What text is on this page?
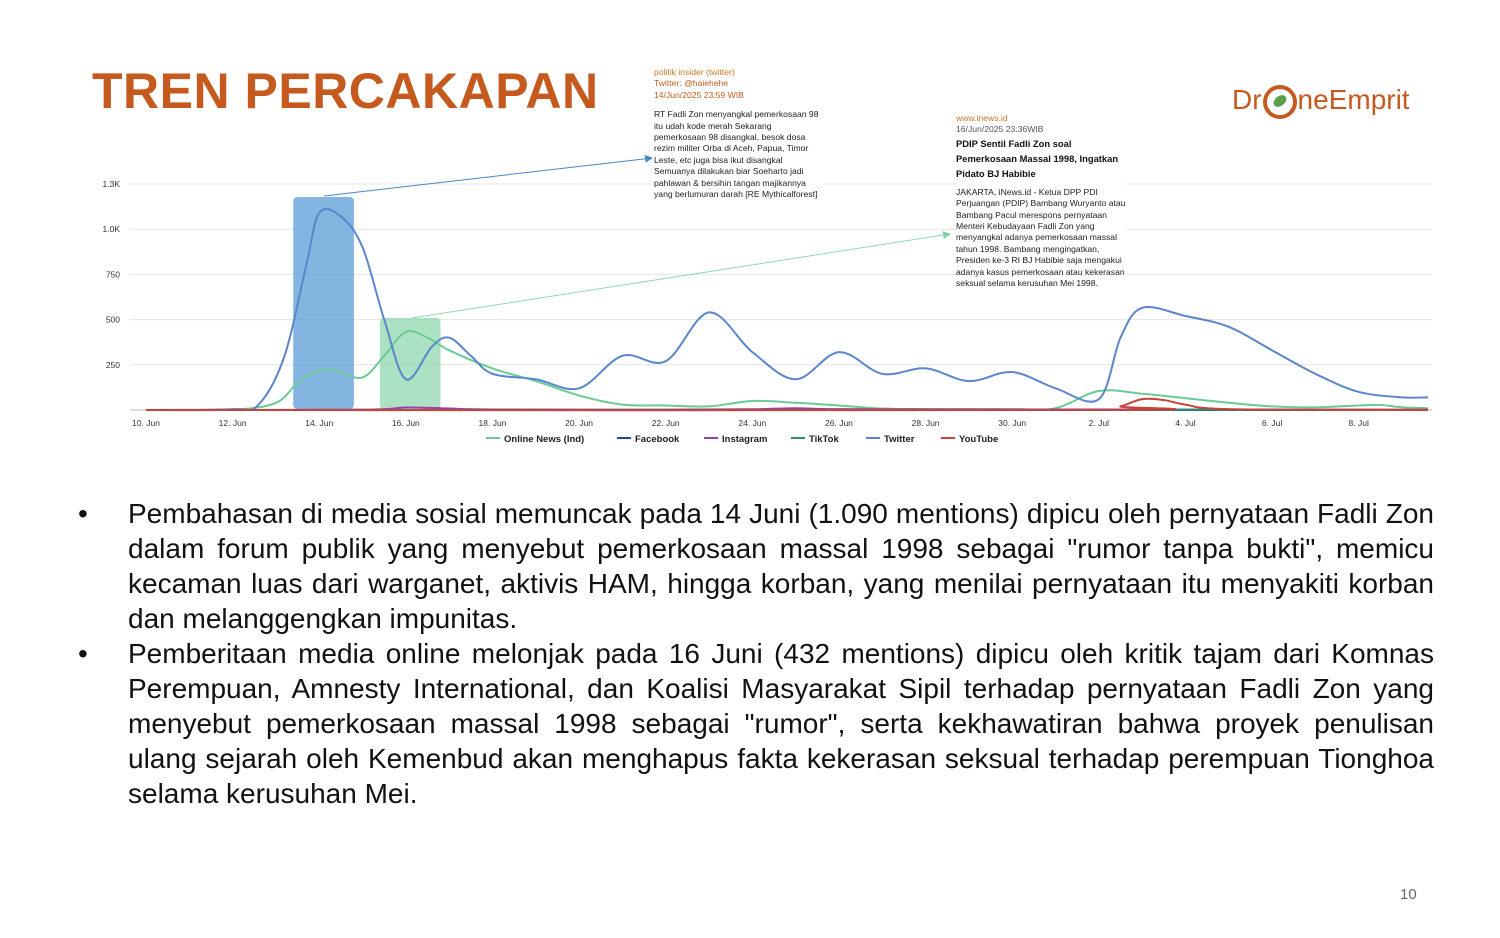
TREN PERCAKAPAN	Dr neEmprit
10. Jun	12. Jun	14. Jun	16. Jun	18. Jun	20. Jun	22. Jun	24. Jun	26. Jun	28. Jun	30. Jun	2. Jul	4. Jul	6. Jul	8. Jul
250
500
750
1.0K
1.3K
Online News (Ind)	Facebook	Instagram	TikTok	Twitter	YouTube

politik insider (twitter)

Twitter: @haiehehe

14/Jun/2025 23:59 WIB

RT Fadli Zon menyangkal pemerkosaan 98 itu udah kode merah Sekarang pemerkosaan 98 disangkal, besok dosa rezim militer Orba di Aceh, Papua, Timor Leste, etc juga bisa ikut disangkal Semuanya dilakukan biar Soeharto jadi pahlawan & bersihin tangan majikannya yang berlumuran darah [RE Mythicalforest]

www.inews.id

16/Jun/2025 23:36WIB

PDIP Sentil Fadli Zon soal Pemerkosaan Massal 1998, Ingatkan Pidato BJ Habibie

JAKARTA, iNews.id - Ketua DPP PDI Perjuangan (PDIP) Bambang Wuryanto atau Bambang Pacul merespons pernyataan Menteri Kebudayaan Fadli Zon yang menyangkal adanya pemerkosaan massal tahun 1998. Bambang mengingatkan, Presiden ke-3 RI BJ Habibie saja mengakui adanya kasus pemerkosaan atau kekerasan seksual selama kerusuhan Mei 1998.

•	Pembahasan di media sosial memuncak pada 14 Juni (1.090 mentions) dipicu oleh pernyataan Fadli Zon dalam forum publik yang menyebut pemerkosaan massal 1998 sebagai "rumor tanpa bukti", memicu kecaman luas dari warganet, aktivis HAM, hingga korban, yang menilai pernyataan itu menyakiti korban dan melanggengkan impunitas.
•	Pemberitaan media online melonjak pada 16 Juni (432 mentions) dipicu oleh kritik tajam dari Komnas Perempuan, Amnesty International, dan Koalisi Masyarakat Sipil terhadap pernyataan Fadli Zon yang menyebut pemerkosaan massal 1998 sebagai "rumor", serta kekhawatiran bahwa proyek penulisan ulang sejarah oleh Kemenbud akan menghapus fakta kekerasan seksual terhadap perempuan Tionghoa selama kerusuhan Mei.
10
